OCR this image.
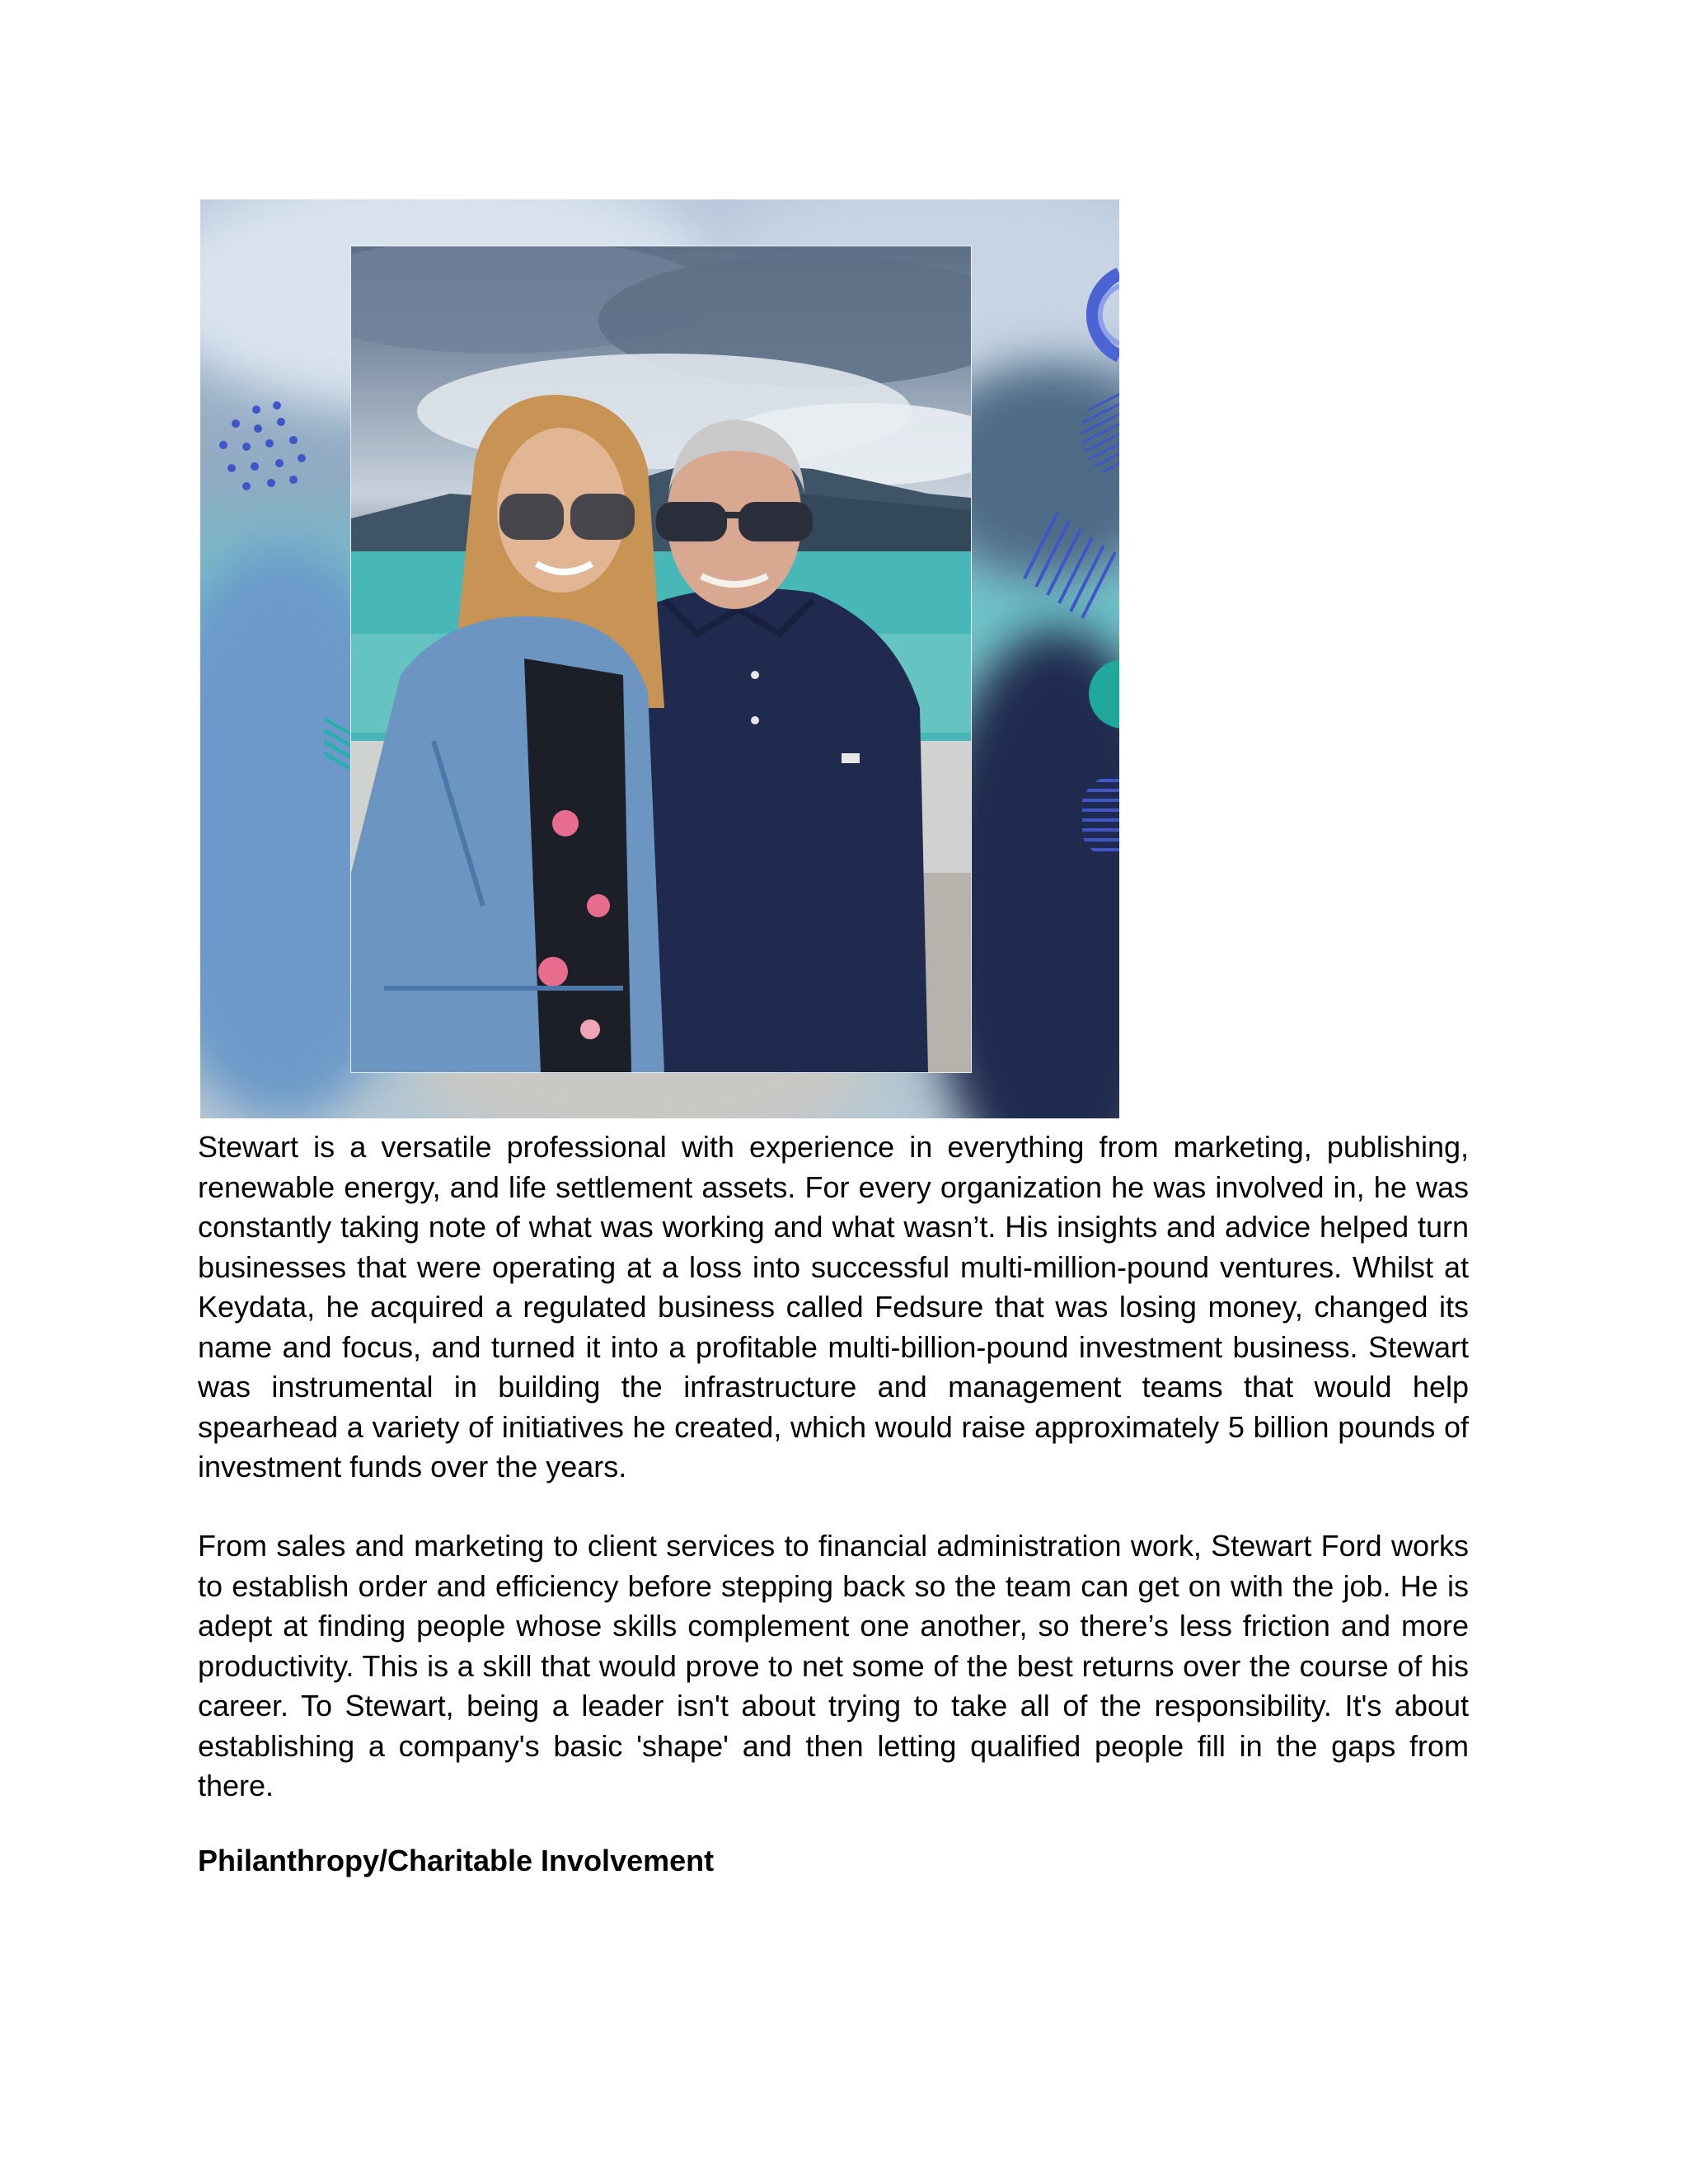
Stewart is a versatile professional with experience in everything from marketing, publishing, renewable energy, and life settlement assets. For every organization he was involved in, he was constantly taking note of what was working and what wasn’t. His insights and advice helped turn businesses that were operating at a loss into successful multi-million-pound ventures. Whilst at Keydata, he acquired a regulated business called Fedsure that was losing money, changed its name and focus, and turned it into a profitable multi-billion-pound investment business. Stewart was instrumental in building the infrastructure and management teams that would help spearhead a variety of initiatives he created, which would raise approximately 5 billion pounds of investment funds over the years.

From sales and marketing to client services to financial administration work, Stewart Ford works to establish order and efficiency before stepping back so the team can get on with the job. He is adept at finding people whose skills complement one another, so there’s less friction and more productivity. This is a skill that would prove to net some of the best returns over the course of his career. To Stewart, being a leader isn't about trying to take all of the responsibility. It's about establishing a company's basic 'shape' and then letting qualified people fill in the gaps from there.

Philanthropy/Charitable Involvement
